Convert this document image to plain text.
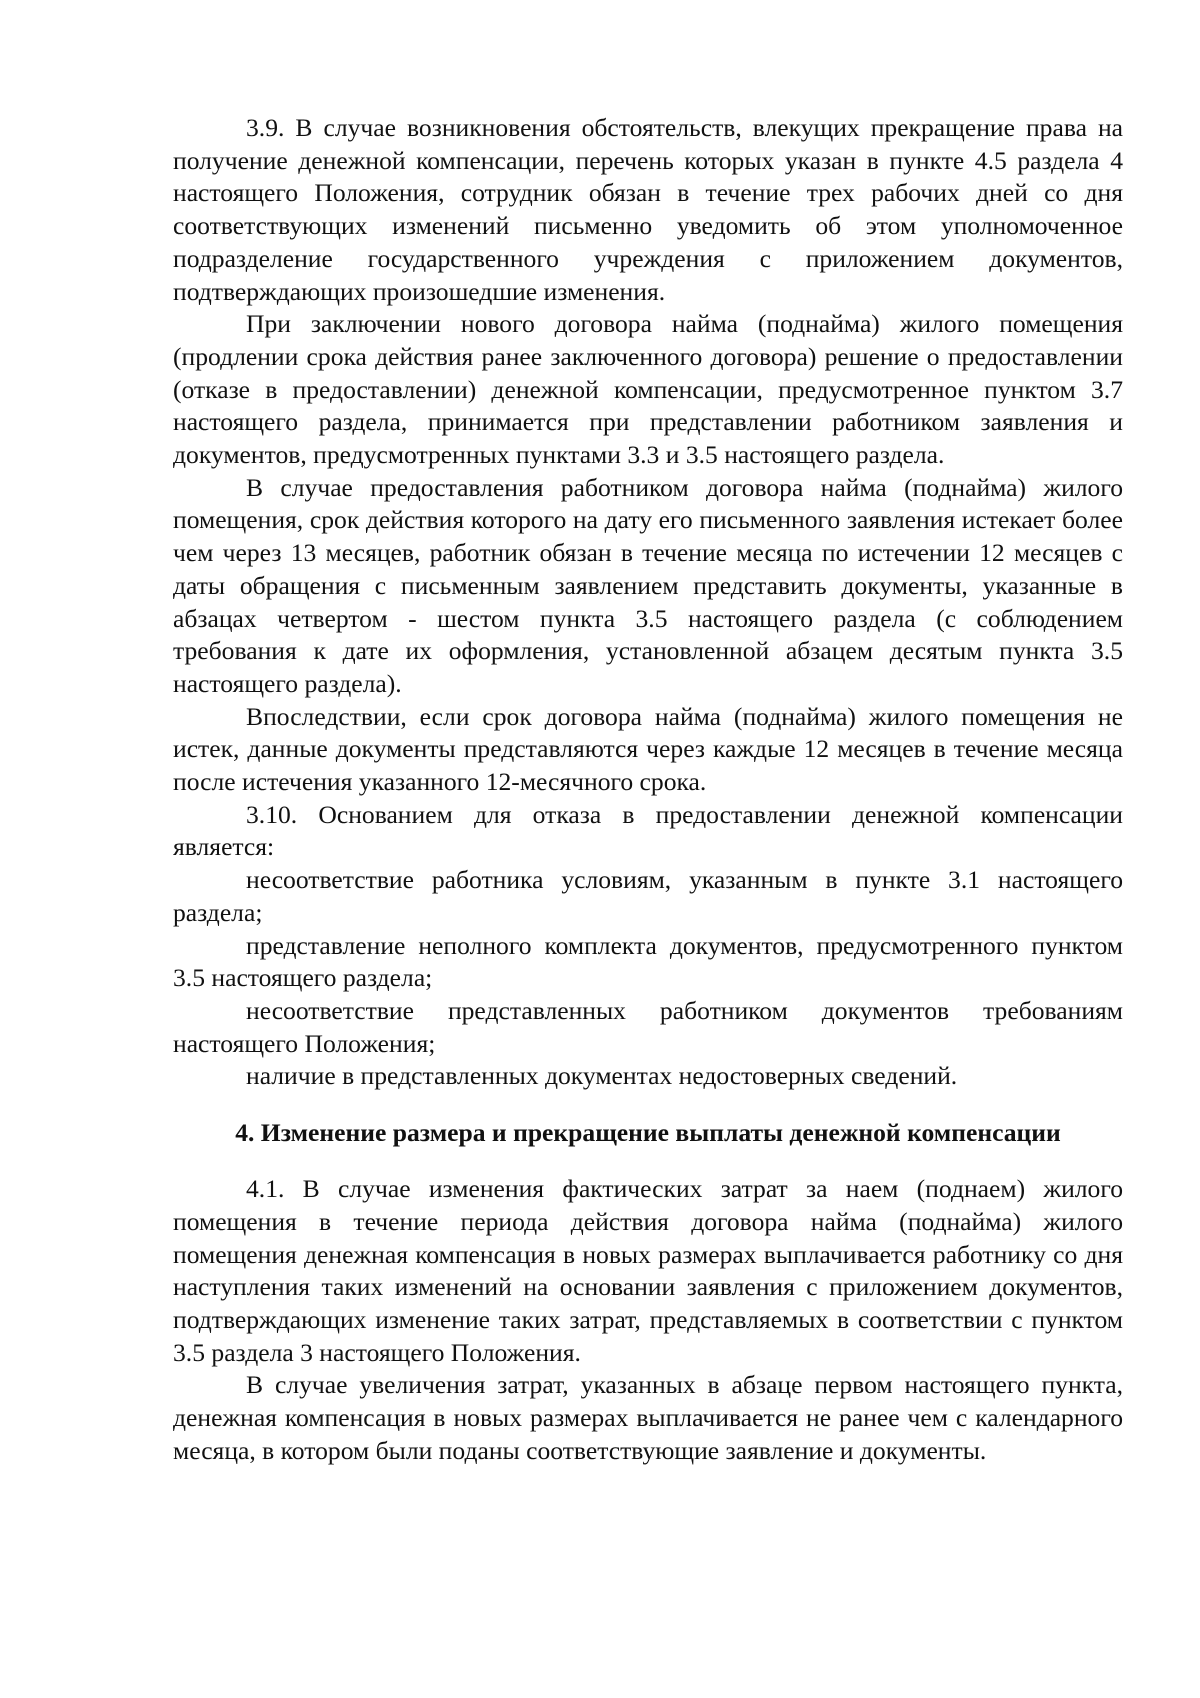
3.9. В случае возникновения обстоятельств, влекущих прекращение права на получение денежной компенсации, перечень которых указан в пункте 4.5 раздела 4 настоящего Положения, сотрудник обязан в течение трех рабочих дней со дня соответствующих изменений письменно уведомить об этом уполномоченное подразделение государственного учреждения с приложением документов, подтверждающих произошедшие изменения.

При заключении нового договора найма (поднайма) жилого помещения (продлении срока действия ранее заключенного договора) решение о предоставлении (отказе в предоставлении) денежной компенсации, предусмотренное пунктом 3.7 настоящего раздела, принимается при представлении работником заявления и документов, предусмотренных пунктами 3.3 и 3.5 настоящего раздела.

В случае предоставления работником договора найма (поднайма) жилого помещения, срок действия которого на дату его письменного заявления истекает более чем через 13 месяцев, работник обязан в течение месяца по истечении 12 месяцев с даты обращения с письменным заявлением представить документы, указанные в абзацах четвертом - шестом пункта 3.5 настоящего раздела (с соблюдением требования к дате их оформления, установленной абзацем десятым пункта 3.5 настоящего раздела).

Впоследствии, если срок договора найма (поднайма) жилого помещения не истек, данные документы представляются через каждые 12 месяцев в течение месяца после истечения указанного 12-месячного срока.

3.10. Основанием для отказа в предоставлении денежной компенсации является:

несоответствие работника условиям, указанным в пункте 3.1 настоящего раздела;

представление неполного комплекта документов, предусмотренного пунктом 3.5 настоящего раздела;

несоответствие представленных работником документов требованиям настоящего Положения;

наличие в представленных документах недостоверных сведений.

4. Изменение размера и прекращение выплаты денежной компенсации

4.1. В случае изменения фактических затрат за наем (поднаем) жилого помещения в течение периода действия договора найма (поднайма) жилого помещения денежная компенсация в новых размерах выплачивается работнику со дня наступления таких изменений на основании заявления с приложением документов, подтверждающих изменение таких затрат, представляемых в соответствии с пунктом 3.5 раздела 3 настоящего Положения.

В случае увеличения затрат, указанных в абзаце первом настоящего пункта, денежная компенсация в новых размерах выплачивается не ранее чем с календарного месяца, в котором были поданы соответствующие заявление и документы.
